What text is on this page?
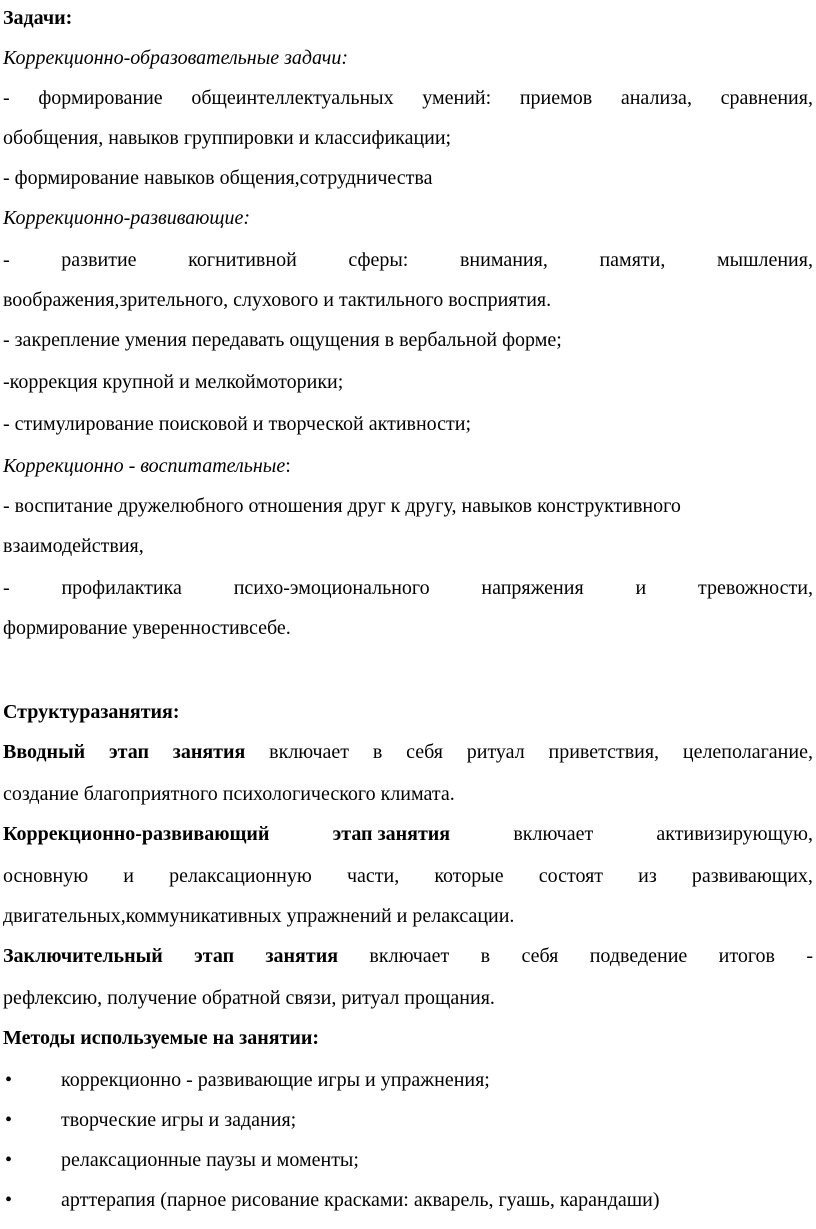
Задачи:
Коррекционно-образовательные задачи:
- формирование общеинтеллектуальных умений: приемов анализа, сравнения,
обобщения, навыков группировки и классификации;
- формирование навыков общения,сотрудничества
Коррекционно-развивающие:
-	развитие	когнитивной	сферы:	внимания,	памяти,	мышления,
воображения,зрительного, слухового и тактильного восприятия.
- закрепление умения передавать ощущения в вербальной форме;
-коррекция крупной и мелкоймоторики;
- стимулирование поисковой и творческой активности;
Коррекционно - воспитательные:
- воспитание дружелюбного отношения друг к другу, навыков конструктивного
взаимодействия,
-	профилактика	психо-эмоционального	напряжения	и	тревожности,
формирование уверенностивсебе.
Структуразанятия:
Вводный этап занятия включает в себя ритуал приветствия, целеполагание,
создание благоприятного психологического климата.
Коррекционно-развивающий	этап занятия	включает	активизирующую,
основную и релаксационную части, которые состоят из развивающих,
двигательных,коммуникативных упражнений и релаксации.
Заключительный этап занятия включает в себя подведение итогов -
рефлексию, получение обратной связи, ритуал прощания.
Методы используемые на занятии:
•	коррекционно - развивающие игры и упражнения;
•	творческие игры и задания;
•	релаксационные паузы и моменты;
•	арттерапия (парное рисование красками: акварель, гуашь, карандаши)
